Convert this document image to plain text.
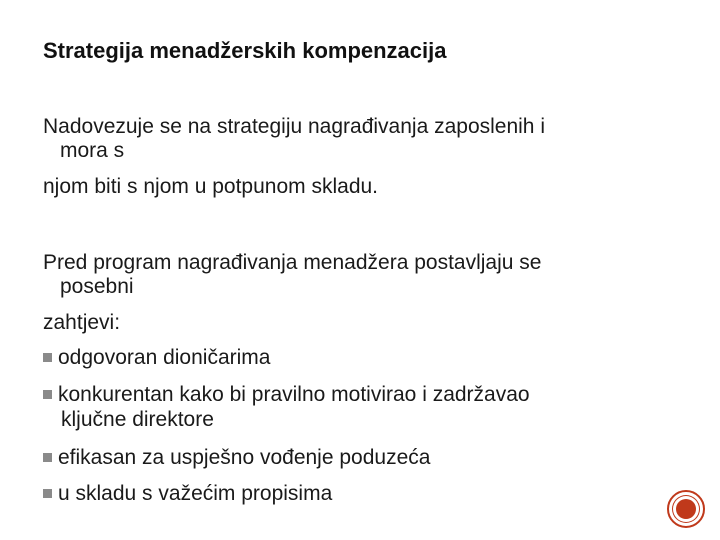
Strategija menadžerskih kompenzacija
Nadovezuje se na strategiju nagrađivanja zaposlenih i
mora s
njom biti s njom u potpunom skladu.
Pred program nagrađivanja menadžera postavljaju se
posebni
zahtjevi:
odgovoran dioničarima
konkurentan kako bi pravilno motivirao i zadržavao
ključne direktore
efikasan za uspješno vođenje poduzeća
u skladu s važećim propisima
